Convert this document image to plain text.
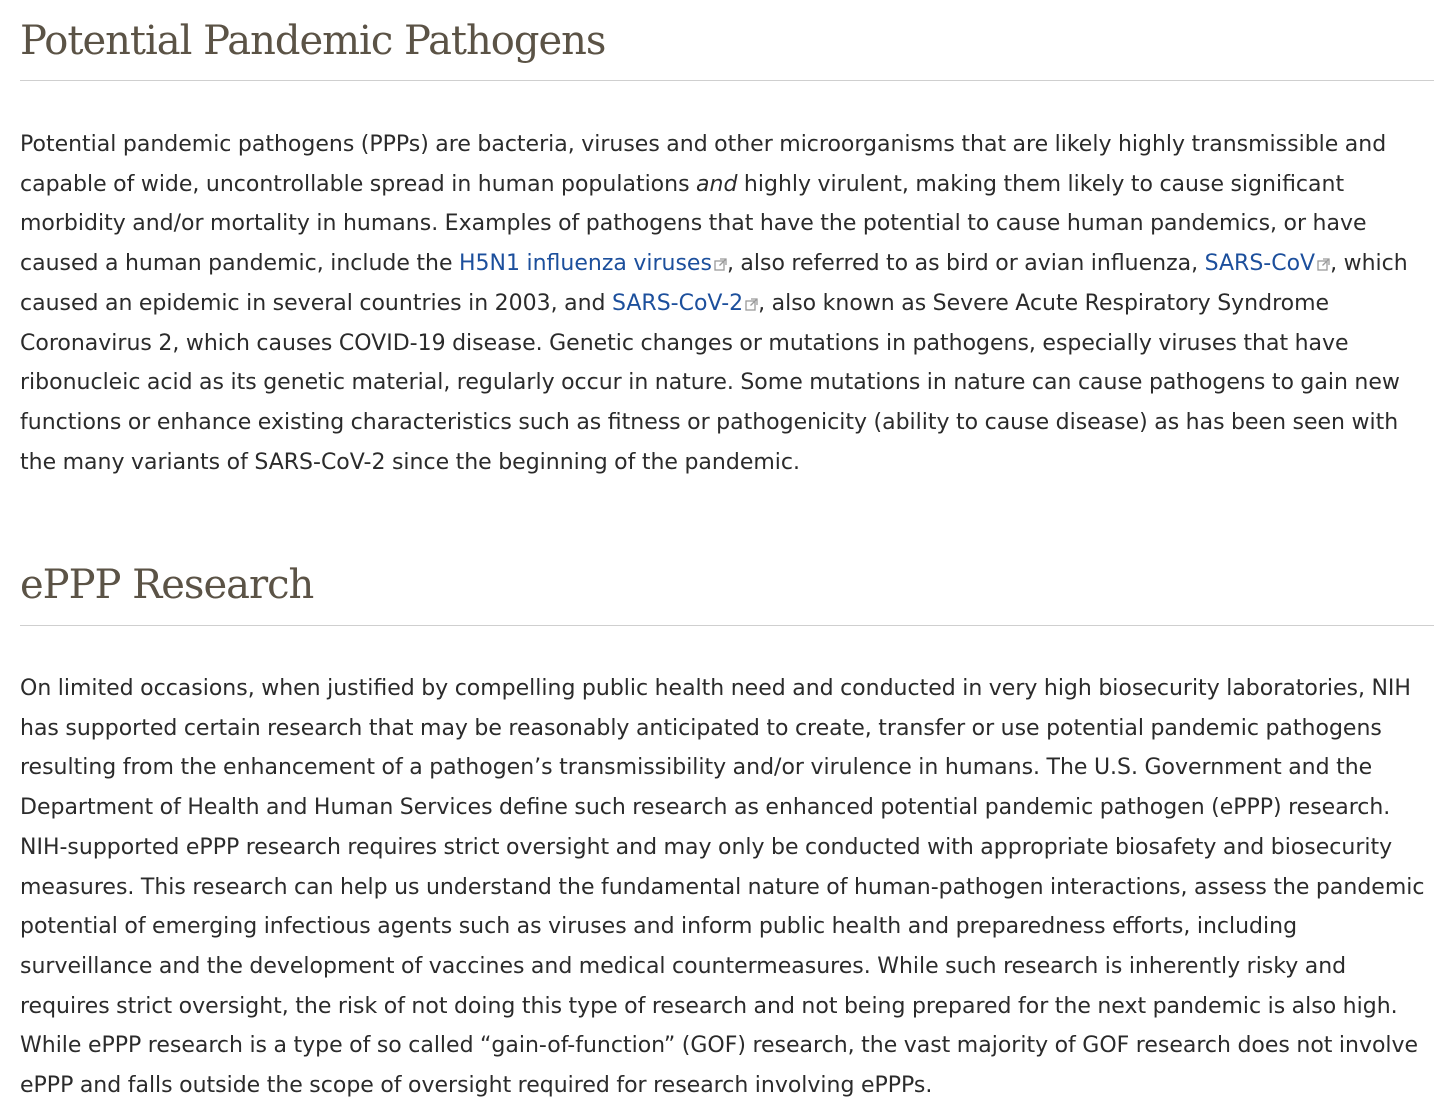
Potential Pandemic Pathogens

Potential pandemic pathogens (PPPs) are bacteria, viruses and other microorganisms that are likely highly transmissible and capable of wide, uncontrollable spread in human populations and highly virulent, making them likely to cause significant morbidity and/or mortality in humans. Examples of pathogens that have the potential to cause human pandemics, or have caused a human pandemic, include the H5N1 influenza viruses , also referred to as bird or avian influenza, SARS-CoV , which caused an epidemic in several countries in 2003, and SARS-CoV-2 , also known as Severe Acute Respiratory Syndrome Coronavirus 2, which causes COVID-19 disease. Genetic changes or mutations in pathogens, especially viruses that have ribonucleic acid as its genetic material, regularly occur in nature. Some mutations in nature can cause pathogens to gain new functions or enhance existing characteristics such as fitness or pathogenicity (ability to cause disease) as has been seen with the many variants of SARS-CoV-2 since the beginning of the pandemic.

ePPP Research

On limited occasions, when justified by compelling public health need and conducted in very high biosecurity laboratories, NIH has supported certain research that may be reasonably anticipated to create, transfer or use potential pandemic pathogens resulting from the enhancement of a pathogen’s transmissibility and/or virulence in humans. The U.S. Government and the Department of Health and Human Services define such research as enhanced potential pandemic pathogen (ePPP) research. NIH-supported ePPP research requires strict oversight and may only be conducted with appropriate biosafety and biosecurity measures. This research can help us understand the fundamental nature of human-pathogen interactions, assess the pandemic potential of emerging infectious agents such as viruses and inform public health and preparedness efforts, including surveillance and the development of vaccines and medical countermeasures. While such research is inherently risky and requires strict oversight, the risk of not doing this type of research and not being prepared for the next pandemic is also high. While ePPP research is a type of so called “gain-of-function” (GOF) research, the vast majority of GOF research does not involve ePPP and falls outside the scope of oversight required for research involving ePPPs.
